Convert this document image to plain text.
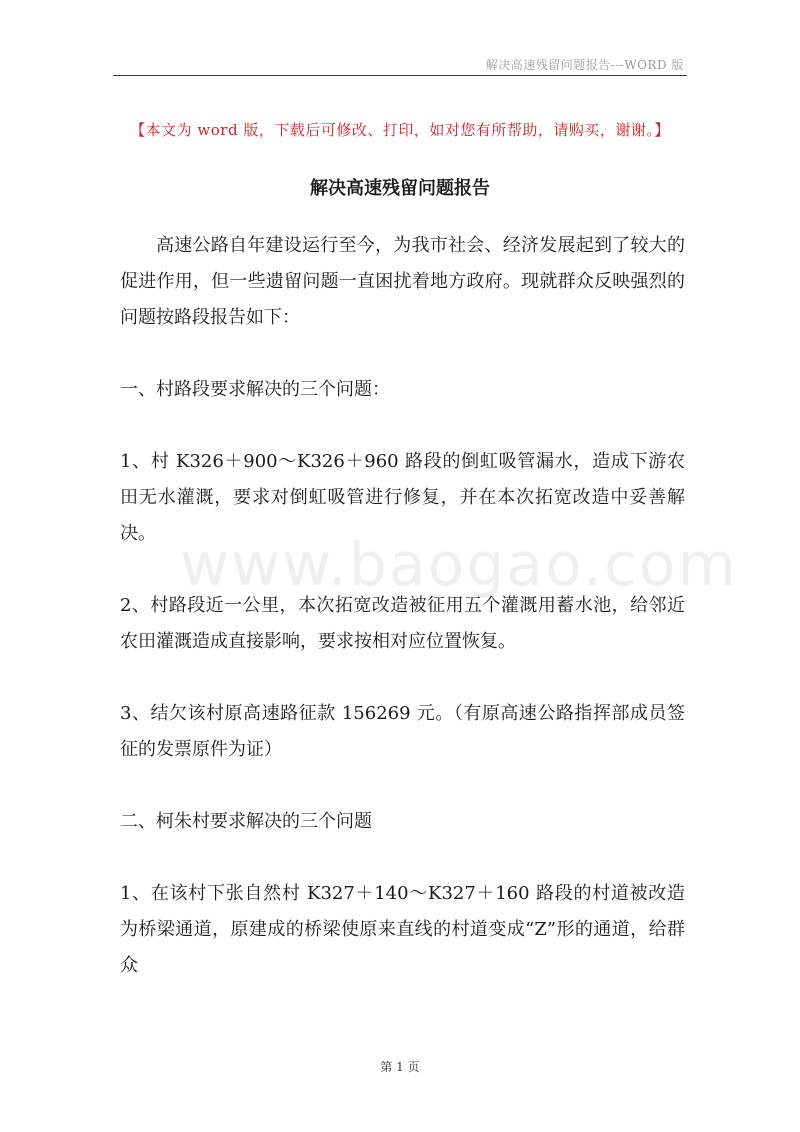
解决高速残留问题报告---WORD 版
【本文为 word 版，下载后可修改、打印，如对您有所帮助，请购买，谢谢。】
解决高速残留问题报告
www.baogao.com

高速公路自年建设运行至今，为我市社会、经济发展起到了较大的促进作用，但一些遗留问题一直困扰着地方政府。现就群众反映强烈的问题按路段报告如下：

一、村路段要求解决的三个问题：

1、村 K326＋900～K326＋960 路段的倒虹吸管漏水，造成下游农田无水灌溉，要求对倒虹吸管进行修复，并在本次拓宽改造中妥善解决。

2、村路段近一公里，本次拓宽改造被征用五个灌溉用蓄水池，给邻近农田灌溉造成直接影响，要求按相对应位置恢复。

3、结欠该村原高速路征款 156269 元。（有原高速公路指挥部成员签征的发票原件为证）

二、柯朱村要求解决的三个问题

1、在该村下张自然村 K327＋140～K327＋160 路段的村道被改造为桥梁通道，原建成的桥梁使原来直线的村道变成“Z”形的通道，给群众

第 1 页
